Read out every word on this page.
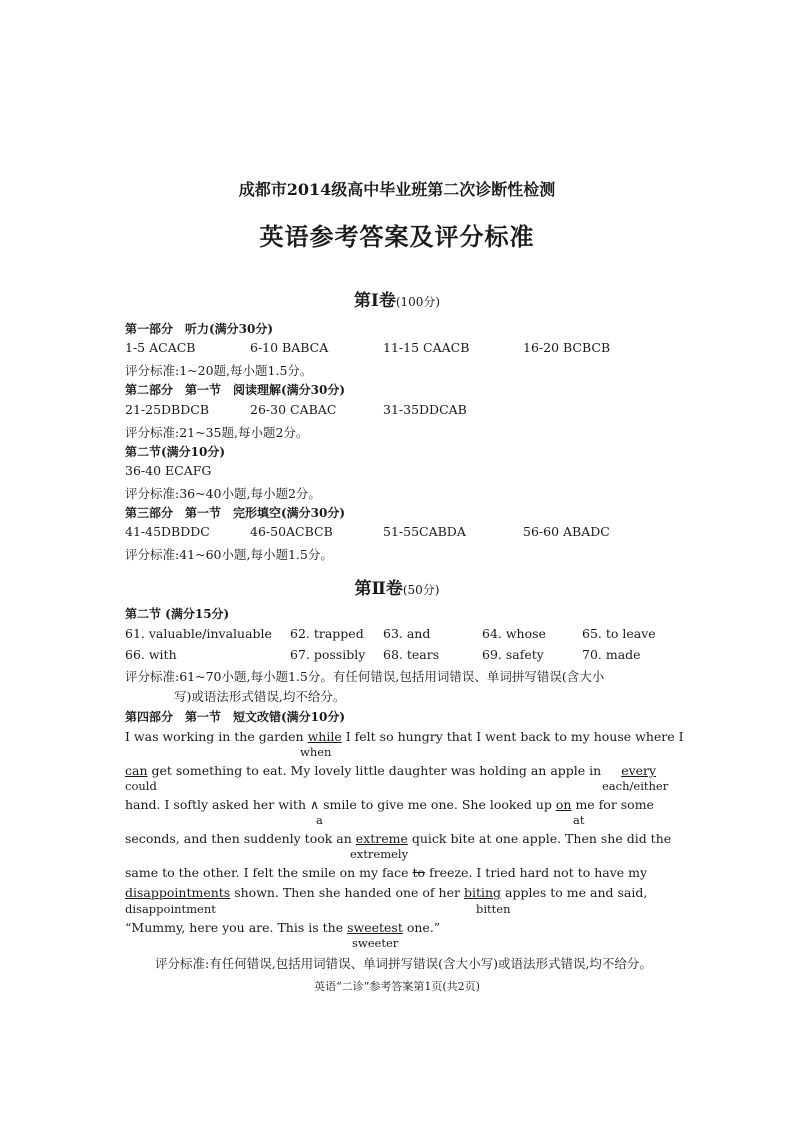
成都市2014级高中毕业班第二次诊断性检测
英语参考答案及评分标准
第Ⅰ卷(100分)
第一部分　听力(满分30分)
1-5 ACACB	6-10 BABCA	11-15 CAACB	16-20 BCBCB
评分标准:1~20题,每小题1.5分。
第二部分　第一节　阅读理解(满分30分)
21-25DBDCB	26-30 CABAC	31-35DDCAB
评分标准:21~35题,每小题2分。
第二节(满分10分)
36-40 ECAFG
评分标准:36~40小题,每小题2分。
第三部分　第一节　完形填空(满分30分)
41-45DBDDC	46-50ACBCB	51-55CABDA	56-60 ABADC
评分标准:41~60小题,每小题1.5分。
第Ⅱ卷(50分)
第二节 (满分15分)
61. valuable/invaluable 62. trapped 63. and	64. whose	65. to leave
66. with	67. possibly 68. tears	69. safety	70. made
评分标准:61~70小题,每小题1.5分。有任何错误,包括用词错误、单词拼写错误(含大小
写)或语法形式错误,均不给分。
第四部分　第一节　短文改错(满分10分)
I was working in the garden while I felt so hungry that I went back to my house where I
when
can get something to eat. My lovely little daughter was holding an apple in every
could	each/either
hand. I softly asked her with ∧ smile to give me one. She looked up on me for some
a	at
seconds, and then suddenly took an extreme quick bite at one apple. Then she did the
extremely
same to the other. I felt the smile on my face to freeze. I tried hard not to have my
disappointments shown. Then she handed one of her biting apples to me and said,
disappointment	bitten
“Mummy, here you are. This is the sweetest one.”
sweeter
评分标准:有任何错误,包括用词错误、单词拼写错误(含大小写)或语法形式错误,均不给分。
英语“二诊”参考答案第1页(共2页)
